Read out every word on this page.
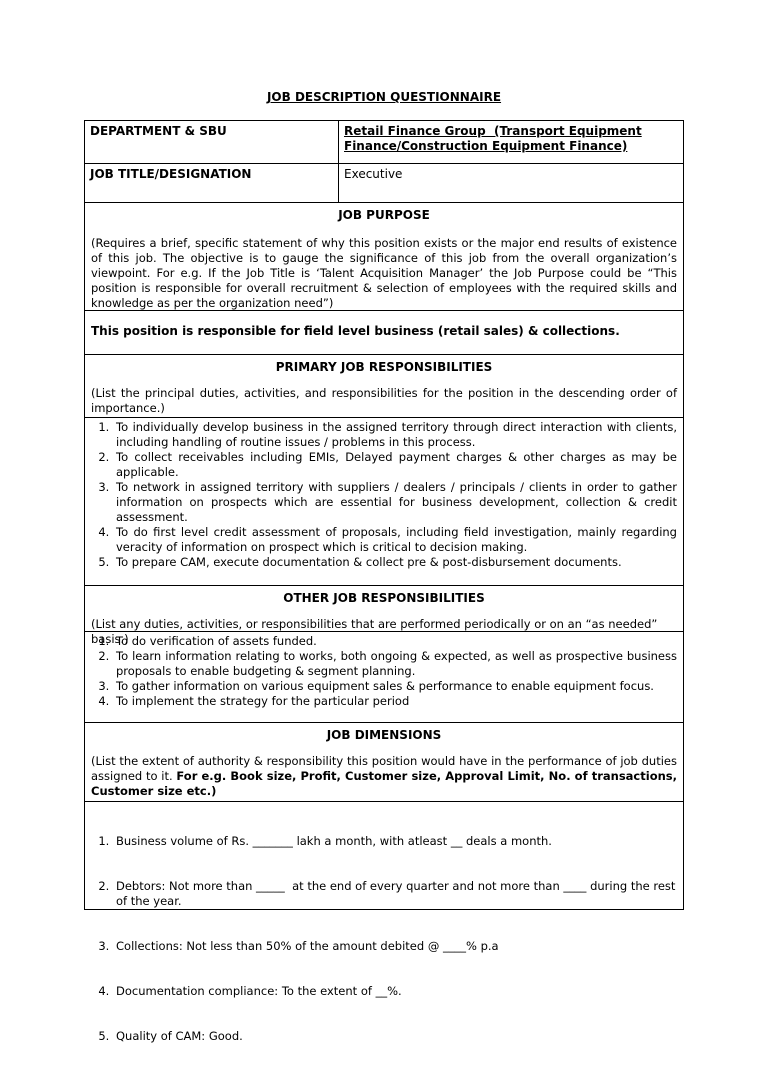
JOB DESCRIPTION QUESTIONNAIRE
DEPARTMENT & SBU	Retail Finance Group  (Transport Equipment
Finance/Construction Equipment Finance)
JOB TITLE/DESIGNATION	Executive
JOB PURPOSE
(Requires a brief, specific statement of why this position exists or the major end results of existence of this job. The objective is to gauge the significance of this job from the overall organization’s viewpoint. For e.g. If the Job Title is ‘Talent Acquisition Manager’ the Job Purpose could be “This position is responsible for overall recruitment & selection of employees with the required skills and knowledge as per the organization need”)
This position is responsible for field level business (retail sales) & collections.
PRIMARY JOB RESPONSIBILITIES
(List the principal duties, activities, and responsibilities for the position in the descending order of importance.)
1. To individually develop business in the assigned territory through direct interaction with clients, including handling of routine issues / problems in this process.
2. To collect receivables including EMIs, Delayed payment charges & other charges as may be applicable.
3. To network in assigned territory with suppliers / dealers / principals / clients in order to gather information on prospects which are essential for business development, collection & credit assessment.
4. To do first level credit assessment of proposals, including field investigation, mainly regarding veracity of information on prospect which is critical to decision making.
5. To prepare CAM, execute documentation & collect pre & post-disbursement documents.
OTHER JOB RESPONSIBILITIES
(List any duties, activities, or responsibilities that are performed periodically or on an “as needed” basis.)
1. To do verification of assets funded.
2. To learn information relating to works, both ongoing & expected, as well as prospective business proposals to enable budgeting & segment planning.
3. To gather information on various equipment sales & performance to enable equipment focus.
4. To implement the strategy for the particular period
JOB DIMENSIONS
(List the extent of authority & responsibility this position would have in the performance of job duties assigned to it. For e.g. Book size, Profit, Customer size, Approval Limit, No. of transactions, Customer size etc.)

1. Business volume of Rs. _______ lakh a month, with atleast __ deals a month.

2. Debtors: Not more than _____  at the end of every quarter and not more than ____ during the rest of the year.

3. Collections: Not less than 50% of the amount debited @ ____% p.a

4. Documentation compliance: To the extent of __%.

5. Quality of CAM: Good.
